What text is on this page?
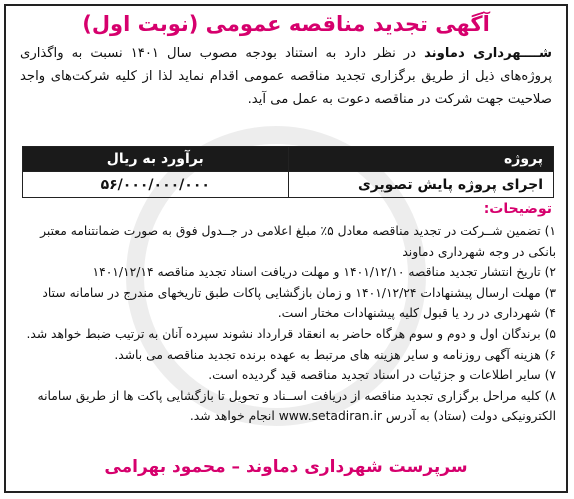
آگهی تجدید مناقصه عمومی (نوبت اول)
شــــهرداری دماوند در نظر دارد به استناد بودجه مصوب سال ۱۴۰۱ نسبت به واگذاری پروژه‌های ذیل از طریق برگزاری تجدید مناقصه عمومی اقدام نماید لذا از کلیه شرکت‌های واجد صلاحیت جهت شرکت در مناقصه دعوت به عمل می آید.
پروژه	برآورد به ریال
اجرای پروژه پایش تصویری	۵۶/۰۰۰/۰۰۰/۰۰۰
توضیحات:
۱) تضمین شــرکت در تجدید مناقصه معادل ۵٪ مبلغ اعلامی در جــدول فوق به صورت ضمانتنامه معتبر بانکی در وجه شهرداری دماوند
۲) تاریخ انتشار تجدید مناقصه ۱۴۰۱/۱۲/۱۰ و مهلت دریافت اسناد تجدید مناقصه ۱۴۰۱/۱۲/۱۴
۳) مهلت ارسال پیشنهادات ۱۴۰۱/۱۲/۲۴ و زمان بازگشایی پاکات طبق تاریخهای مندرج در سامانه ستاد
۴) شهرداری در رد یا قبول کلیه پیشنهادات مختار است.
۵) برندگان اول و دوم و سوم هرگاه حاضر به انعقاد قرارداد نشوند سپرده آنان به ترتیب ضبط خواهد شد.
۶) هزینه آگهی روزنامه و سایر هزینه های مرتبط به عهده برنده تجدید مناقصه می باشد.
۷) سایر اطلاعات و جزئیات در اسناد تجدید مناقصه قید گردیده است.
۸) کلیه مراحل برگزاری تجدید مناقصه از دریافت اســناد و تحویل تا بازگشایی پاکت ها از طریق سامانه الکترونیکی دولت (ستاد) به آدرس www.setadiran.ir انجام خواهد شد.
سرپرست شهرداری دماوند – محمود بهرامی
